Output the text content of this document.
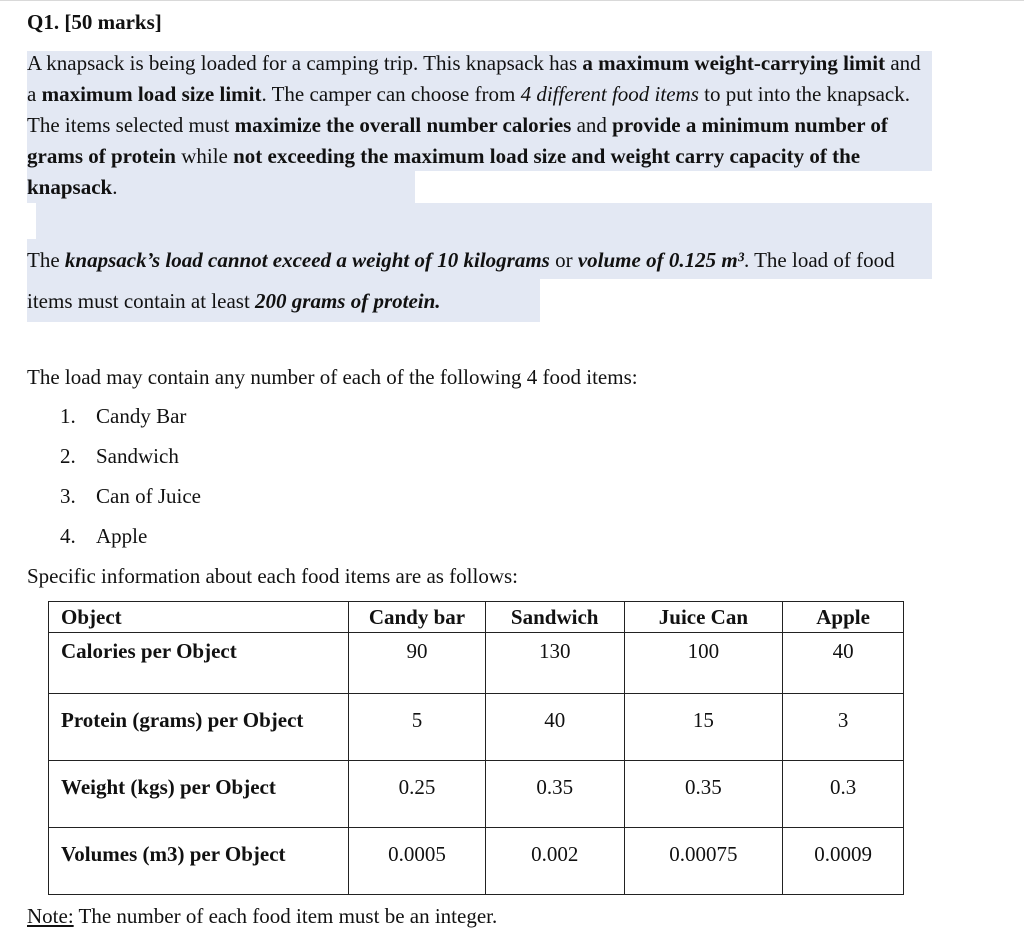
Q1. [50 marks]
A knapsack is being loaded for a camping trip. This knapsack has a maximum weight-carrying limit and a maximum load size limit. The camper can choose from 4 different food items to put into the knapsack. The items selected must maximize the overall number calories and provide a minimum number of grams of protein while not exceeding the maximum load size and weight carry capacity of the knapsack.
The knapsack’s load cannot exceed a weight of 10 kilograms or volume of 0.125 m³. The load of food items must contain at least 200 grams of protein.
The load may contain any number of each of the following 4 food items:
1. Candy Bar
2. Sandwich
3. Can of Juice
4. Apple
Specific information about each food items are as follows:
Object	Candy bar	Sandwich	Juice Can	Apple
Calories per Object	90	130	100	40
Protein (grams) per Object	5	40	15	3
Weight (kgs) per Object	0.25	0.35	0.35	0.3
Volumes (m3) per Object	0.0005	0.002	0.00075	0.0009
Note: The number of each food item must be an integer.
